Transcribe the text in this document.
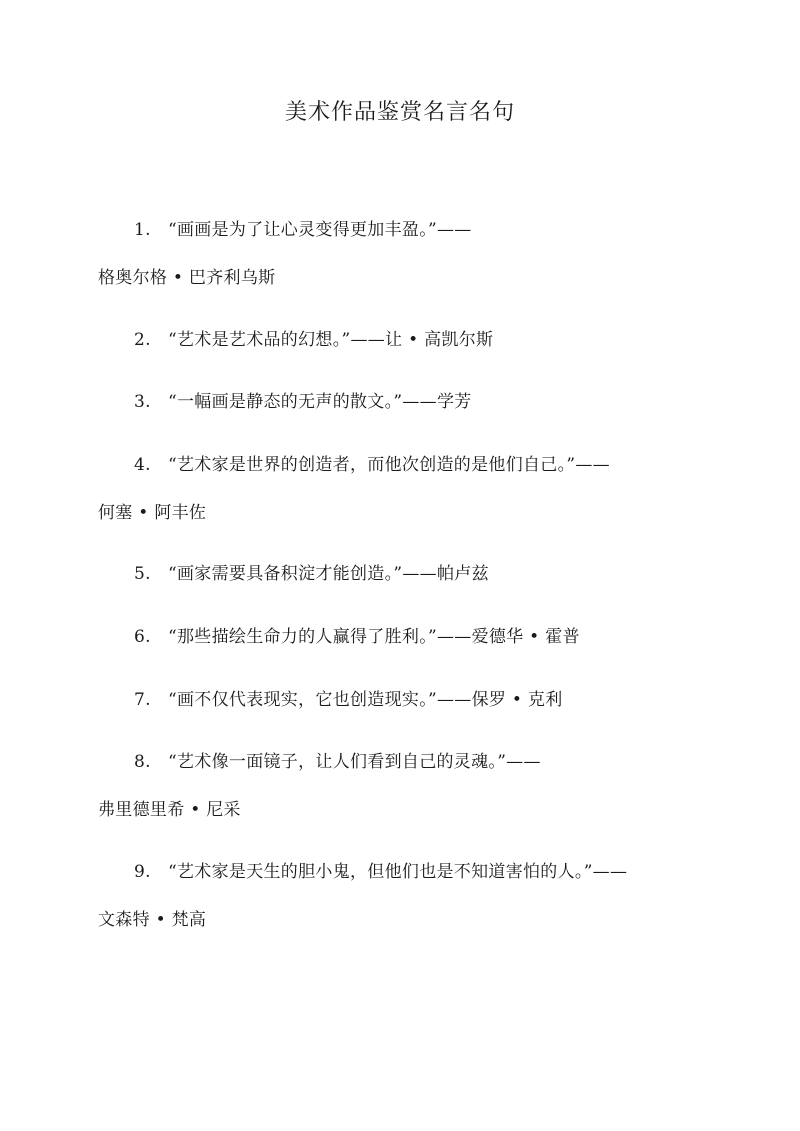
美术作品鉴赏名言名句
1. “画画是为了让心灵变得更加丰盈。”——
格奥尔格 • 巴齐利乌斯
2. “艺术是艺术品的幻想。”——让 • 高凯尔斯
3. “一幅画是静态的无声的散文。”——学芳
4. “艺术家是世界的创造者，而他次创造的是他们自己。”——
何塞 • 阿丰佐
5. “画家需要具备积淀才能创造。”——帕卢兹
6. “那些描绘生命力的人赢得了胜利。”——爱德华 • 霍普
7. “画不仅代表现实，它也创造现实。”——保罗 • 克利
8. “艺术像一面镜子，让人们看到自己的灵魂。”——
弗里德里希 • 尼采
9. “艺术家是天生的胆小鬼，但他们也是不知道害怕的人。”——
文森特 • 梵高
